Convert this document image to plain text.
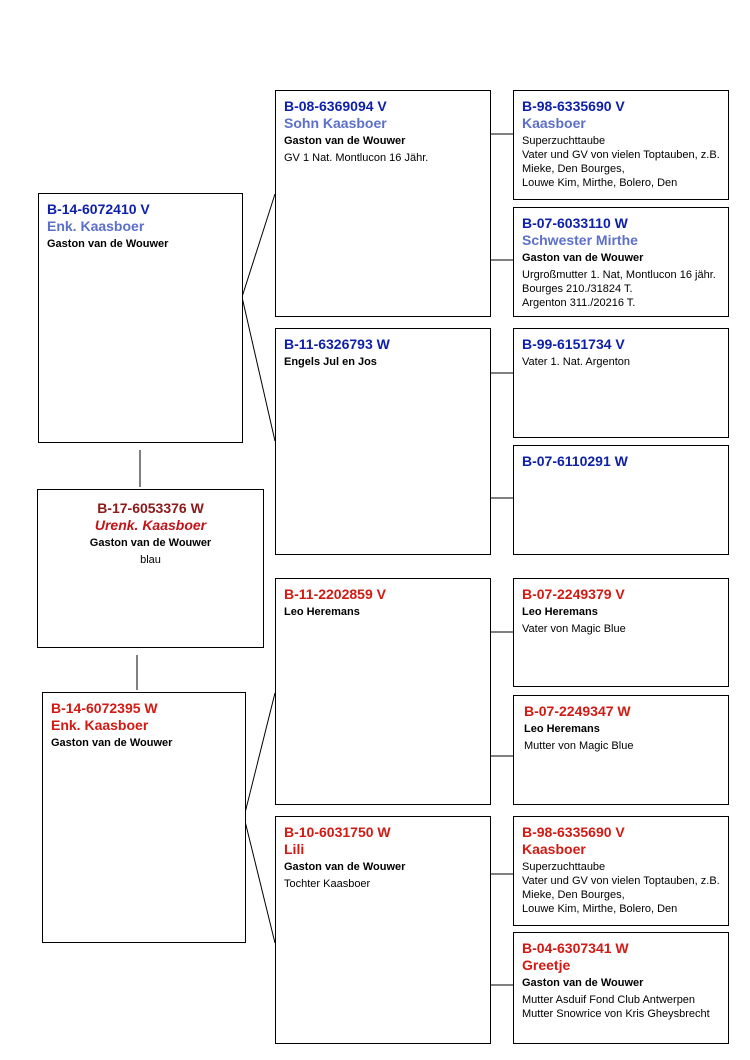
B-14-6072410 V
Enk. Kaasboer
Gaston van de Wouwer
B-17-6053376 W
Urenk. Kaasboer
Gaston van de Wouwer
blau
B-14-6072395 W
Enk. Kaasboer
Gaston van de Wouwer
B-08-6369094 V
Sohn Kaasboer
Gaston van de Wouwer
GV 1 Nat. Montlucon 16 Jähr.
B-11-6326793 W
Engels Jul en Jos
B-11-2202859 V
Leo Heremans
B-10-6031750 W
Lili
Gaston van de Wouwer
Tochter Kaasboer
B-98-6335690 V
Kaasboer
Superzuchttaube
Vater und GV von vielen Toptauben, z.B.
Mieke, Den Bourges,
Louwe Kim, Mirthe, Bolero, Den
B-07-6033110 W
Schwester Mirthe
Gaston van de Wouwer
Urgroßmutter 1. Nat, Montlucon 16 jähr.
Bourges 210./31824 T.
Argenton 311./20216 T.
B-99-6151734 V
Vater 1. Nat. Argenton
B-07-6110291 W
B-07-2249379 V
Leo Heremans
Vater von Magic Blue
B-07-2249347 W
Leo Heremans
Mutter von Magic Blue
B-98-6335690 V
Kaasboer
Superzuchttaube
Vater und GV von vielen Toptauben, z.B.
Mieke, Den Bourges,
Louwe Kim, Mirthe, Bolero, Den
B-04-6307341 W
Greetje
Gaston van de Wouwer
Mutter Asduif Fond Club Antwerpen
Mutter Snowrice von Kris Gheysbrecht
